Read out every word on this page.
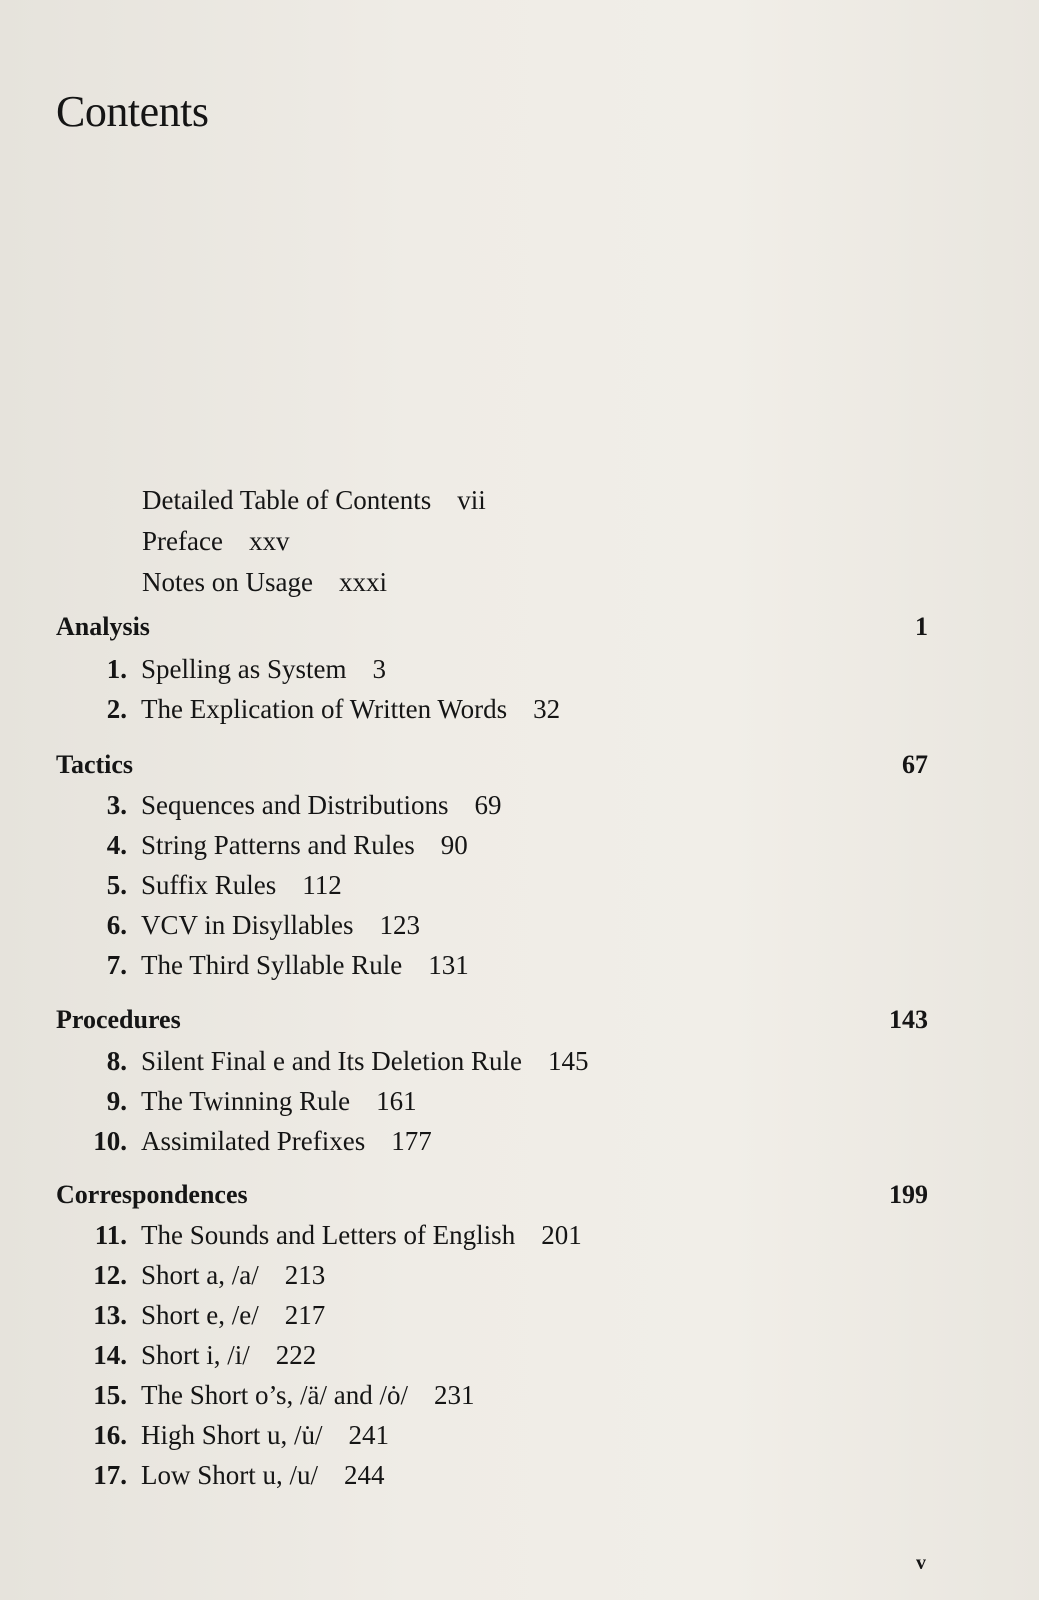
Contents
Detailed Table of Contents vii
Preface xxv
Notes on Usage xxxi
Analysis	1
1. Spelling as System 3
2. The Explication of Written Words 32
Tactics	67
3. Sequences and Distributions 69
4. String Patterns and Rules 90
5. Suffix Rules 112
6. VCV in Disyllables 123
7. The Third Syllable Rule 131
Procedures	143
8. Silent Final e and Its Deletion Rule 145
9. The Twinning Rule 161
10. Assimilated Prefixes 177
Correspondences	199
11. The Sounds and Letters of English 201
12. Short a, /a/ 213
13. Short e, /e/ 217
14. Short i, /i/ 222
15. The Short o’s, /ä/ and /ȯ/ 231
16. High Short u, /u̇/ 241
17. Low Short u, /u/ 244
v
